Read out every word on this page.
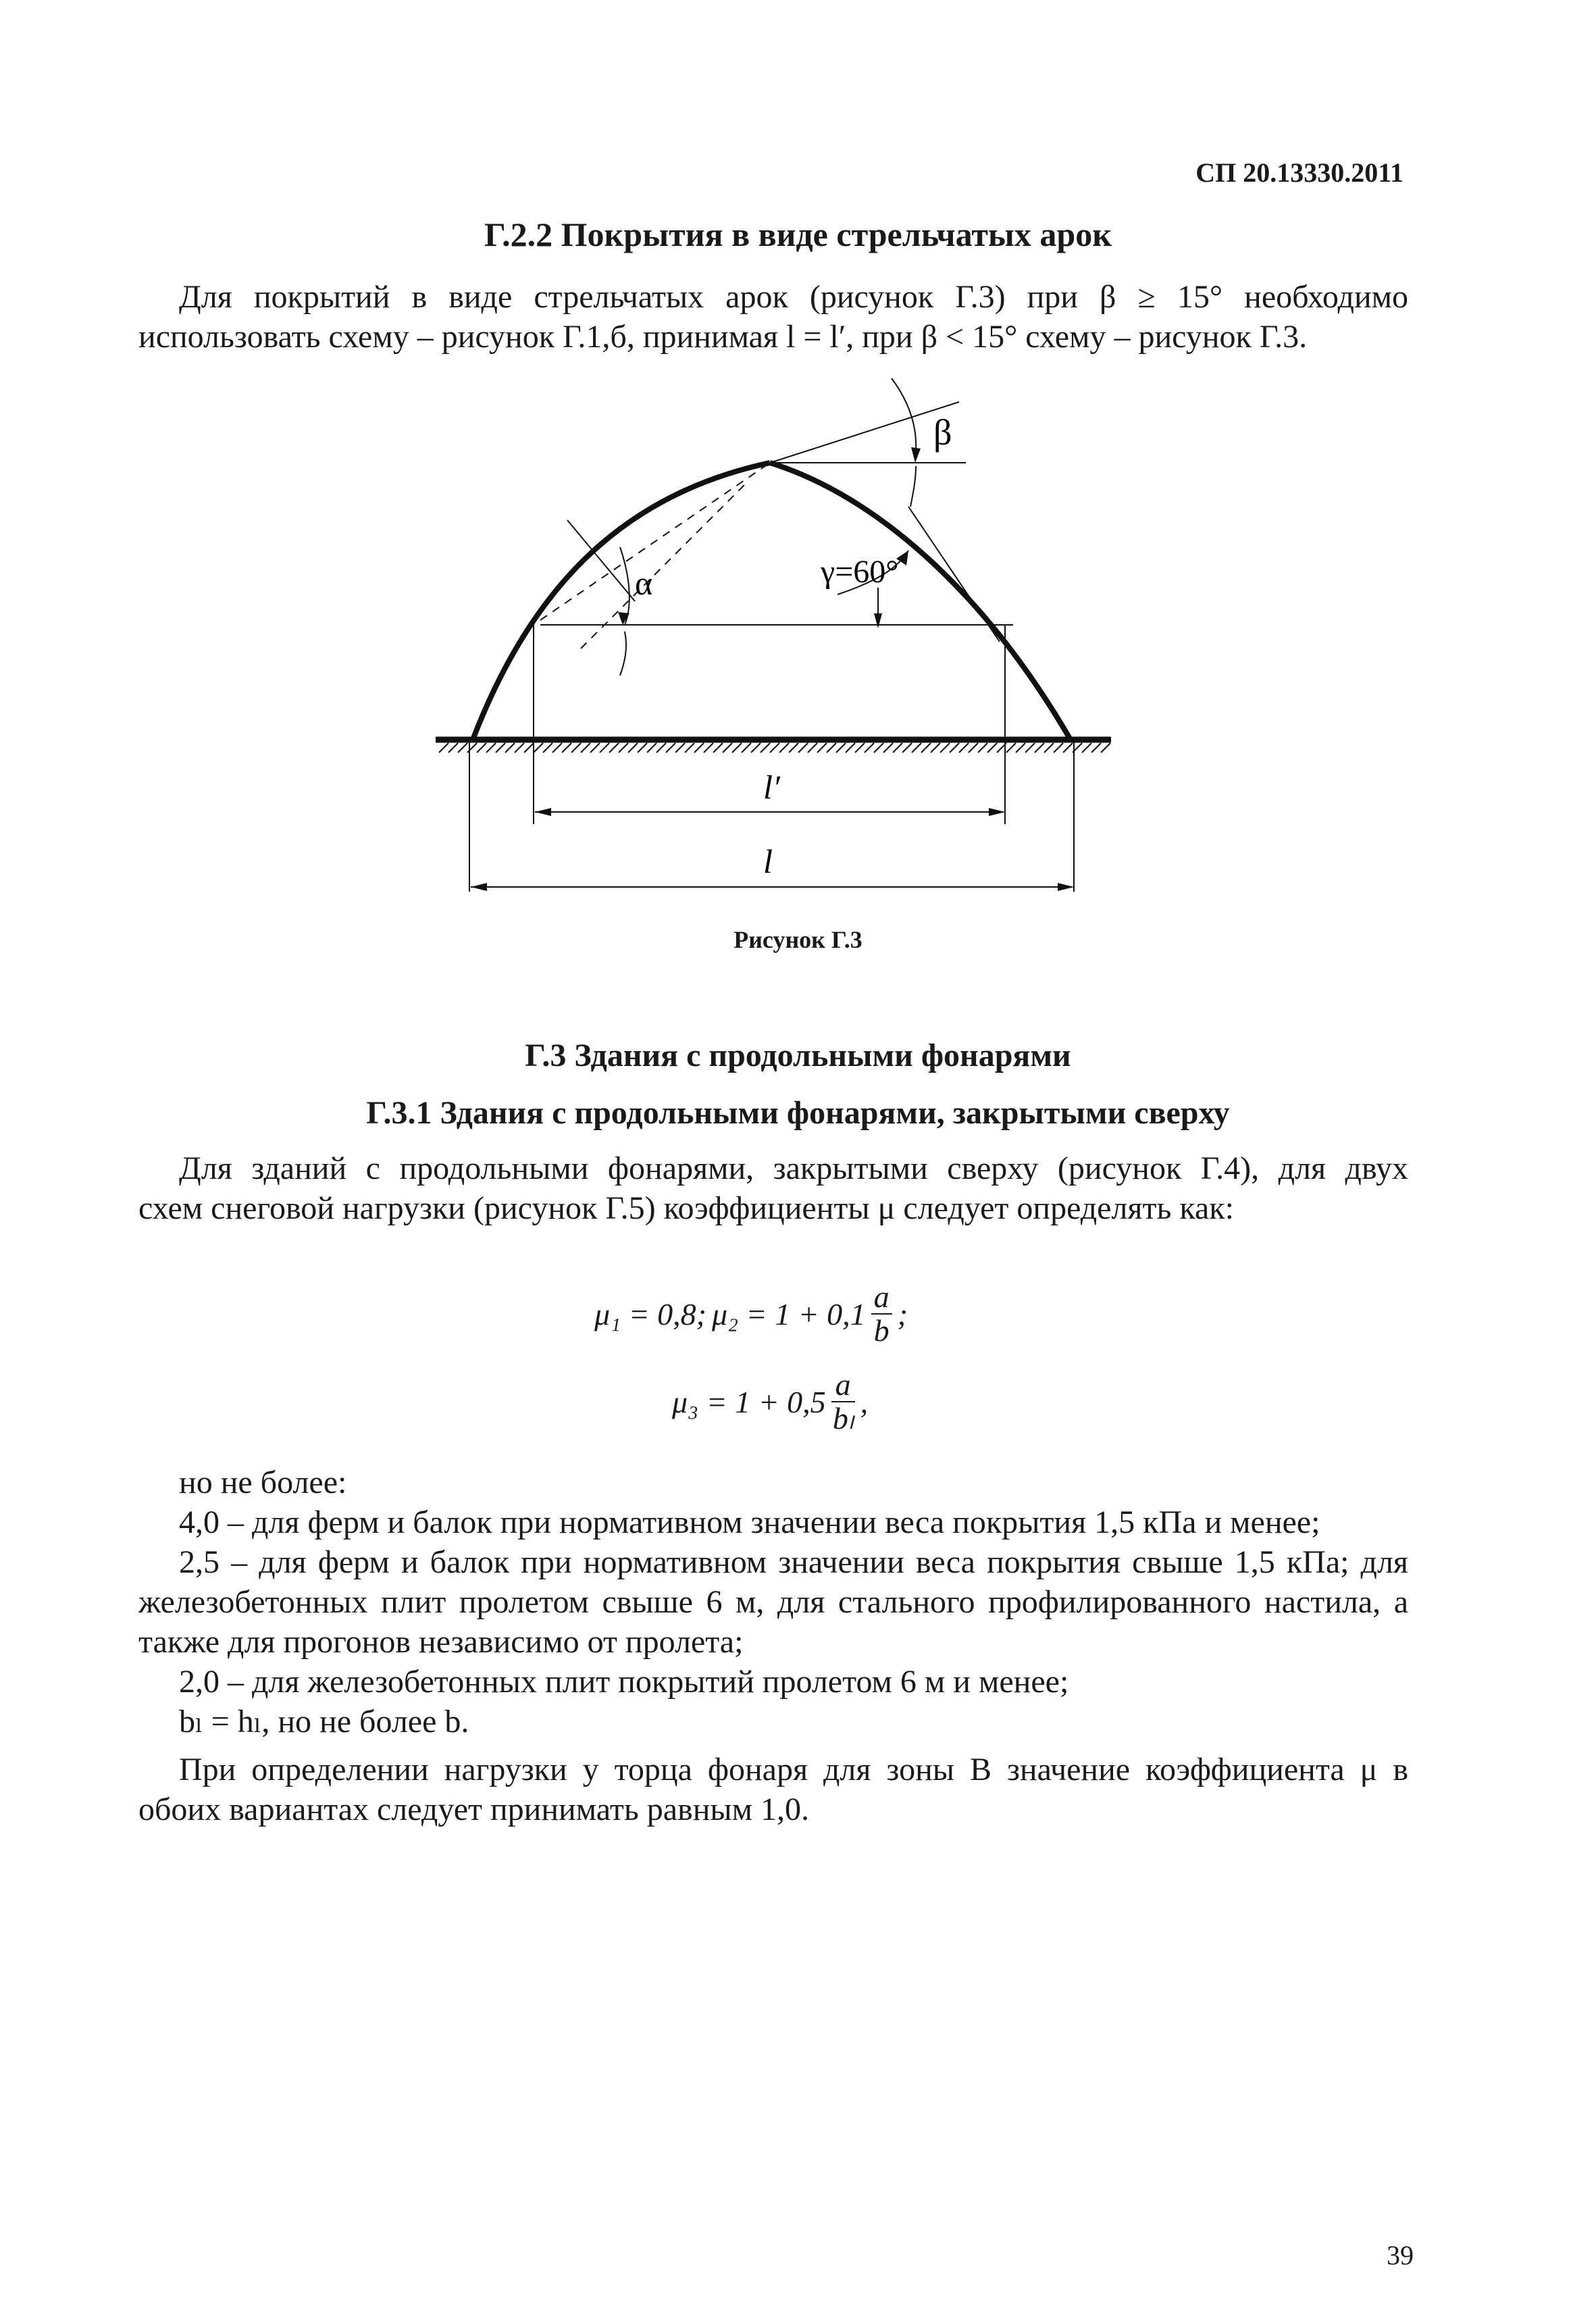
СП 20.13330.2011
Г.2.2 Покрытия в виде стрельчатых арок
Для покрытий в виде стрельчатых арок (рисунок Г.3) при β ≥ 15° необходимо
использовать схему – рисунок Г.1,б, принимая l = l′, при β < 15° схему – рисунок Г.3.
β
α	γ=60°
l′
l
Рисунок Г.3
Г.3 Здания с продольными фонарями
Г.3.1 Здания с продольными фонарями, закрытыми сверху
Для зданий с продольными фонарями, закрытыми сверху (рисунок Г.4), для двух
схем снеговой нагрузки (рисунок Г.5) коэффициенты μ следует определять как:
μ₁ = 0,8; $\mu_2 = 1 + 0,1 \frac{a}{b}$ ;
$\mu_3 = 1 + 0,5 \frac{a}{\text{bₗ}}$ ,
но не более:
4,0 – для ферм и балок при нормативном значении веса покрытия 1,5 кПа и менее;
2,5 – для ферм и балок при нормативном значении веса покрытия свыше 1,5 кПа; для
железобетонных плит пролетом свыше 6 м, для стального профилированного настила, а
также для прогонов независимо от пролета;
2,0 – для железобетонных плит покрытий пролетом 6 м и менее;
bₗ = hₗ, но не более b.
При определении нагрузки у торца фонаря для зоны B значение коэффициента μ в
обоих вариантах следует принимать равным 1,0.
39
